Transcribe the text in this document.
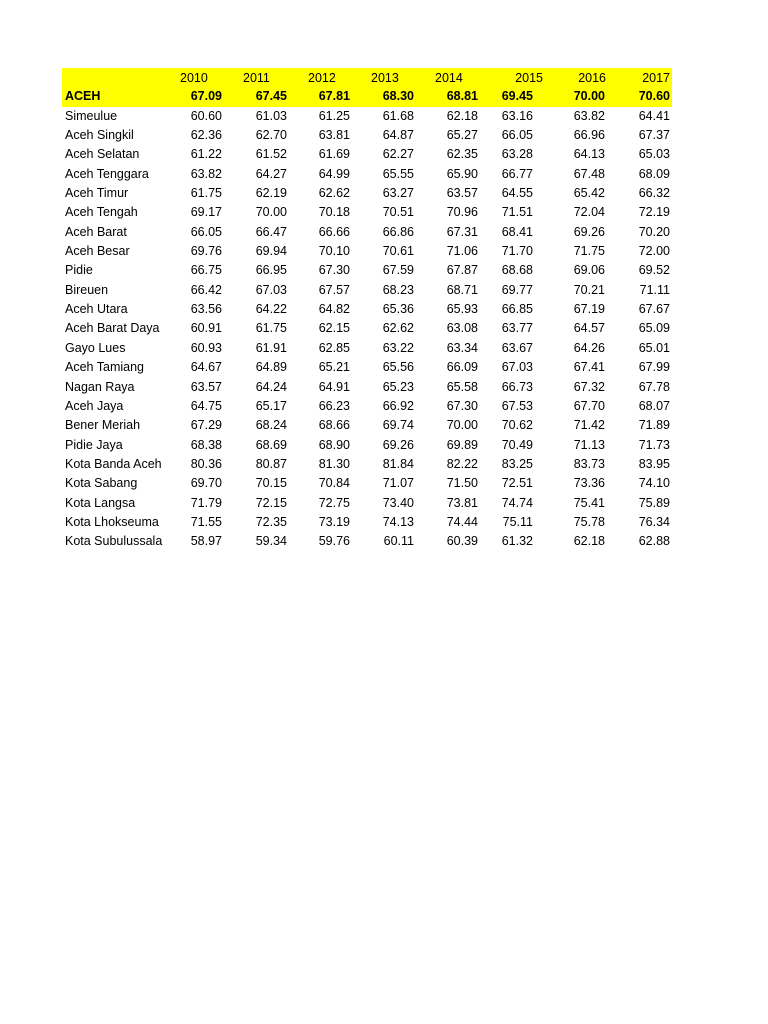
2010	2011	2012	2013	2014	2015	2016	2017
ACEH	67.09	67.45	67.81	68.30	68.81 69.45	70.00	70.60
Simeulue	60.60	61.03	61.25	61.68	62.18 63.16	63.82	64.41
Aceh Singkil	62.36	62.70	63.81	64.87	65.27 66.05	66.96	67.37
Aceh Selatan	61.22	61.52	61.69	62.27	62.35 63.28	64.13	65.03
Aceh Tenggara	63.82	64.27	64.99	65.55	65.90 66.77	67.48	68.09
Aceh Timur	61.75	62.19	62.62	63.27	63.57 64.55	65.42	66.32
Aceh Tengah	69.17	70.00	70.18	70.51	70.96 71.51	72.04	72.19
Aceh Barat	66.05	66.47	66.66	66.86	67.31 68.41	69.26	70.20
Aceh Besar	69.76	69.94	70.10	70.61	71.06 71.70	71.75	72.00
Pidie	66.75	66.95	67.30	67.59	67.87 68.68	69.06	69.52
Bireuen	66.42	67.03	67.57	68.23	68.71 69.77	70.21	71.11
Aceh Utara	63.56	64.22	64.82	65.36	65.93 66.85	67.19	67.67
Aceh Barat Daya 60.91	61.75	62.15	62.62	63.08 63.77	64.57	65.09
Gayo Lues	60.93	61.91	62.85	63.22	63.34 63.67	64.26	65.01
Aceh Tamiang	64.67	64.89	65.21	65.56	66.09 67.03	67.41	67.99
Nagan Raya	63.57	64.24	64.91	65.23	65.58 66.73	67.32	67.78
Aceh Jaya	64.75	65.17	66.23	66.92	67.30 67.53	67.70	68.07
Bener Meriah	67.29	68.24	68.66	69.74	70.00 70.62	71.42	71.89
Pidie Jaya	68.38	68.69	68.90	69.26	69.89 70.49	71.13	71.73
Kota Banda Aceh 80.36	80.87	81.30	81.84	82.22 83.25	83.73	83.95
Kota Sabang	69.70	70.15	70.84	71.07	71.50 72.51	73.36	74.10
Kota Langsa	71.79	72.15	72.75	73.40	73.81 74.74	75.41	75.89
Kota Lhokseuma	71.55	72.35	73.19	74.13	74.44 75.11	75.78	76.34
Kota Subulussala 58.97	59.34	59.76	60.11	60.39 61.32	62.18	62.88
